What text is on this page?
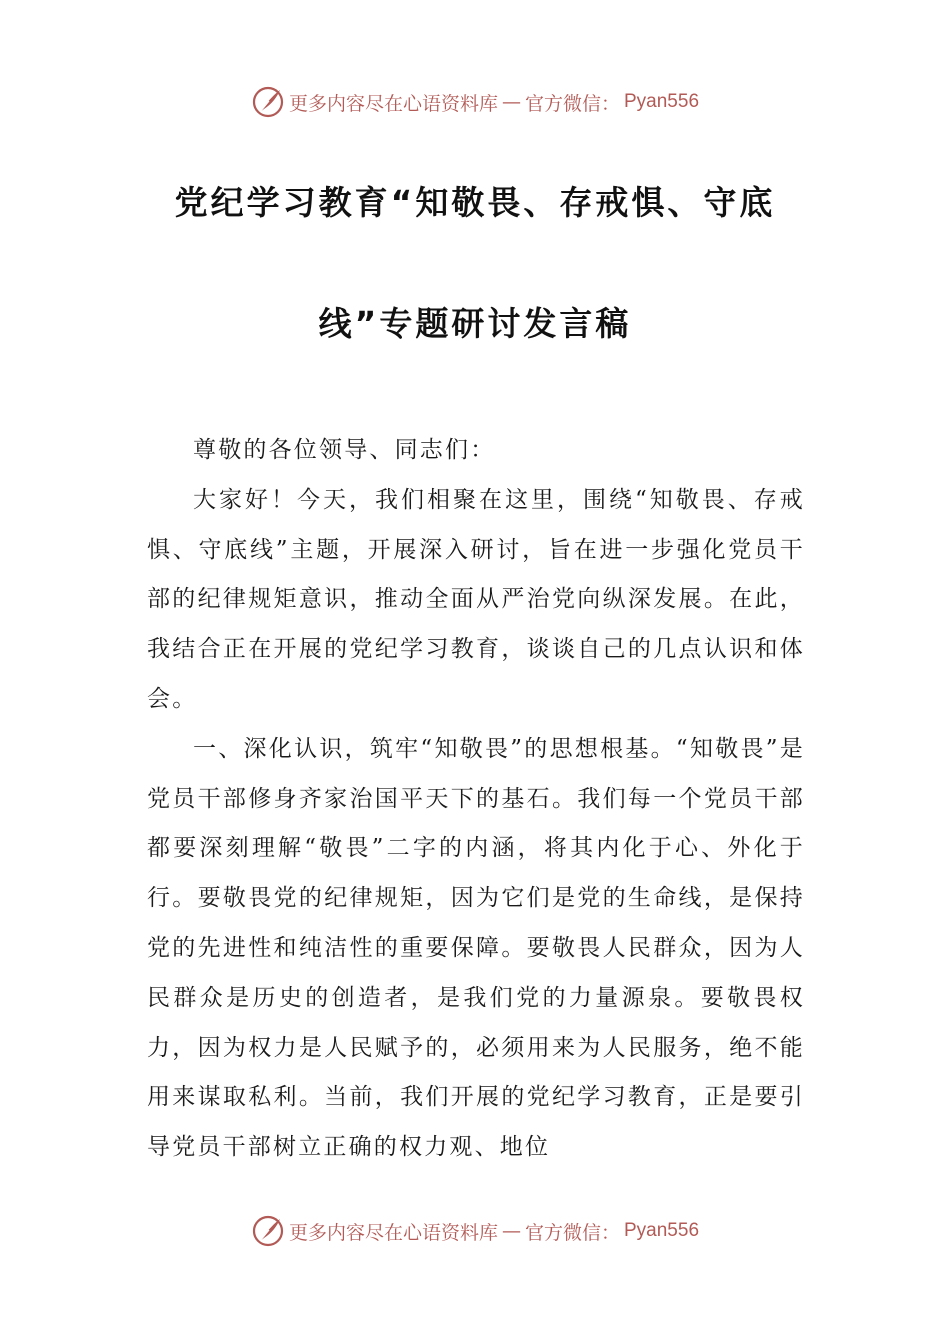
更多内容尽在心语资料库 — 官方微信： Pyan556
党纪学习教育“知敬畏、存戒惧、守底
线”专题研讨发言稿

尊敬的各位领导、同志们：

大家好！今天，我们相聚在这里，围绕“知敬畏、存戒惧、守底线”主题，开展深入研讨，旨在进一步强化党员干部的纪律规矩意识，推动全面从严治党向纵深发展。在此，我结合正在开展的党纪学习教育，谈谈自己的几点认识和体会。

一、深化认识，筑牢“知敬畏”的思想根基。“知敬畏”是党员干部修身齐家治国平天下的基石。我们每一个党员干部都要深刻理解“敬畏”二字的内涵，将其内化于心、外化于行。要敬畏党的纪律规矩，因为它们是党的生命线，是保持党的先进性和纯洁性的重要保障。要敬畏人民群众，因为人民群众是历史的创造者，是我们党的力量源泉。要敬畏权力，因为权力是人民赋予的，必须用来为人民服务，绝不能用来谋取私利。当前，我们开展的党纪学习教育，正是要引导党员干部树立正确的权力观、地位

更多内容尽在心语资料库 — 官方微信： Pyan556
